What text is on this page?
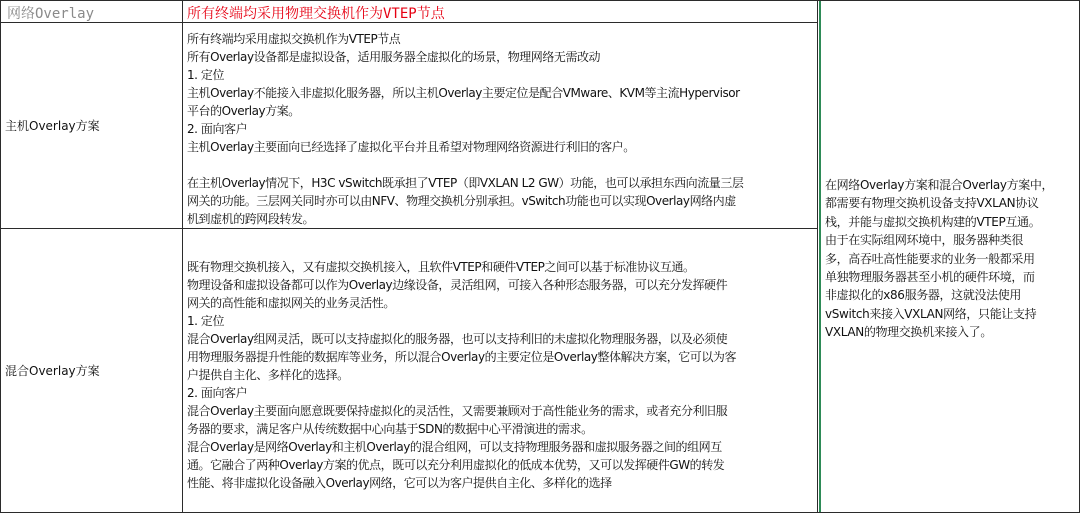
网络Overlay	所有终端均采用物理交换机作为VTEP节点
主机Overlay方案
所有终端均采用虚拟交换机作为VTEP节点
所有Overlay设备都是虚拟设备，适用服务器全虚拟化的场景，物理网络无需改动
1. 定位
主机Overlay不能接入非虚拟化服务器，所以主机Overlay主要定位是配合VMware、KVM等主流Hypervisor
平台的Overlay方案。
2. 面向客户
主机Overlay主要面向已经选择了虚拟化平台并且希望对物理网络资源进行利旧的客户。
在主机Overlay情况下，H3C vSwitch既承担了VTEP（即VXLAN L2 GW）功能，也可以承担东西向流量三层
网关的功能。三层网关同时亦可以由NFV、物理交换机分别承担。vSwitch功能也可以实现Overlay网络内虚
机到虚机的跨网段转发。
混合Overlay方案
既有物理交换机接入，又有虚拟交换机接入，且软件VTEP和硬件VTEP之间可以基于标准协议互通。
物理设备和虚拟设备都可以作为Overlay边缘设备，灵活组网，可接入各种形态服务器，可以充分发挥硬件
网关的高性能和虚拟网关的业务灵活性。
1. 定位
混合Overlay组网灵活，既可以支持虚拟化的服务器，也可以支持利旧的未虚拟化物理服务器，以及必须使
用物理服务器提升性能的数据库等业务，所以混合Overlay的主要定位是Overlay整体解决方案，它可以为客
户提供自主化、多样化的选择。
2. 面向客户
混合Overlay主要面向愿意既要保持虚拟化的灵活性，又需要兼顾对于高性能业务的需求，或者充分利旧服
务器的要求，满足客户从传统数据中心向基于SDN的数据中心平滑演进的需求。
混合Overlay是网络Overlay和主机Overlay的混合组网，可以支持物理服务器和虚拟服务器之间的组网互
通。它融合了两种Overlay方案的优点，既可以充分利用虚拟化的低成本优势，又可以发挥硬件GW的转发
性能、将非虚拟化设备融入Overlay网络，它可以为客户提供自主化、多样化的选择
在网络Overlay方案和混合Overlay方案中，
都需要有物理交换机设备支持VXLAN协议
栈，并能与虚拟交换机构建的VTEP互通。
由于在实际组网环境中，服务器种类很
多，高吞吐高性能要求的业务一般都采用
单独物理服务器甚至小机的硬件环境，而
非虚拟化的x86服务器，这就没法使用
vSwitch来接入VXLAN网络，只能让支持
VXLAN的物理交换机来接入了。
